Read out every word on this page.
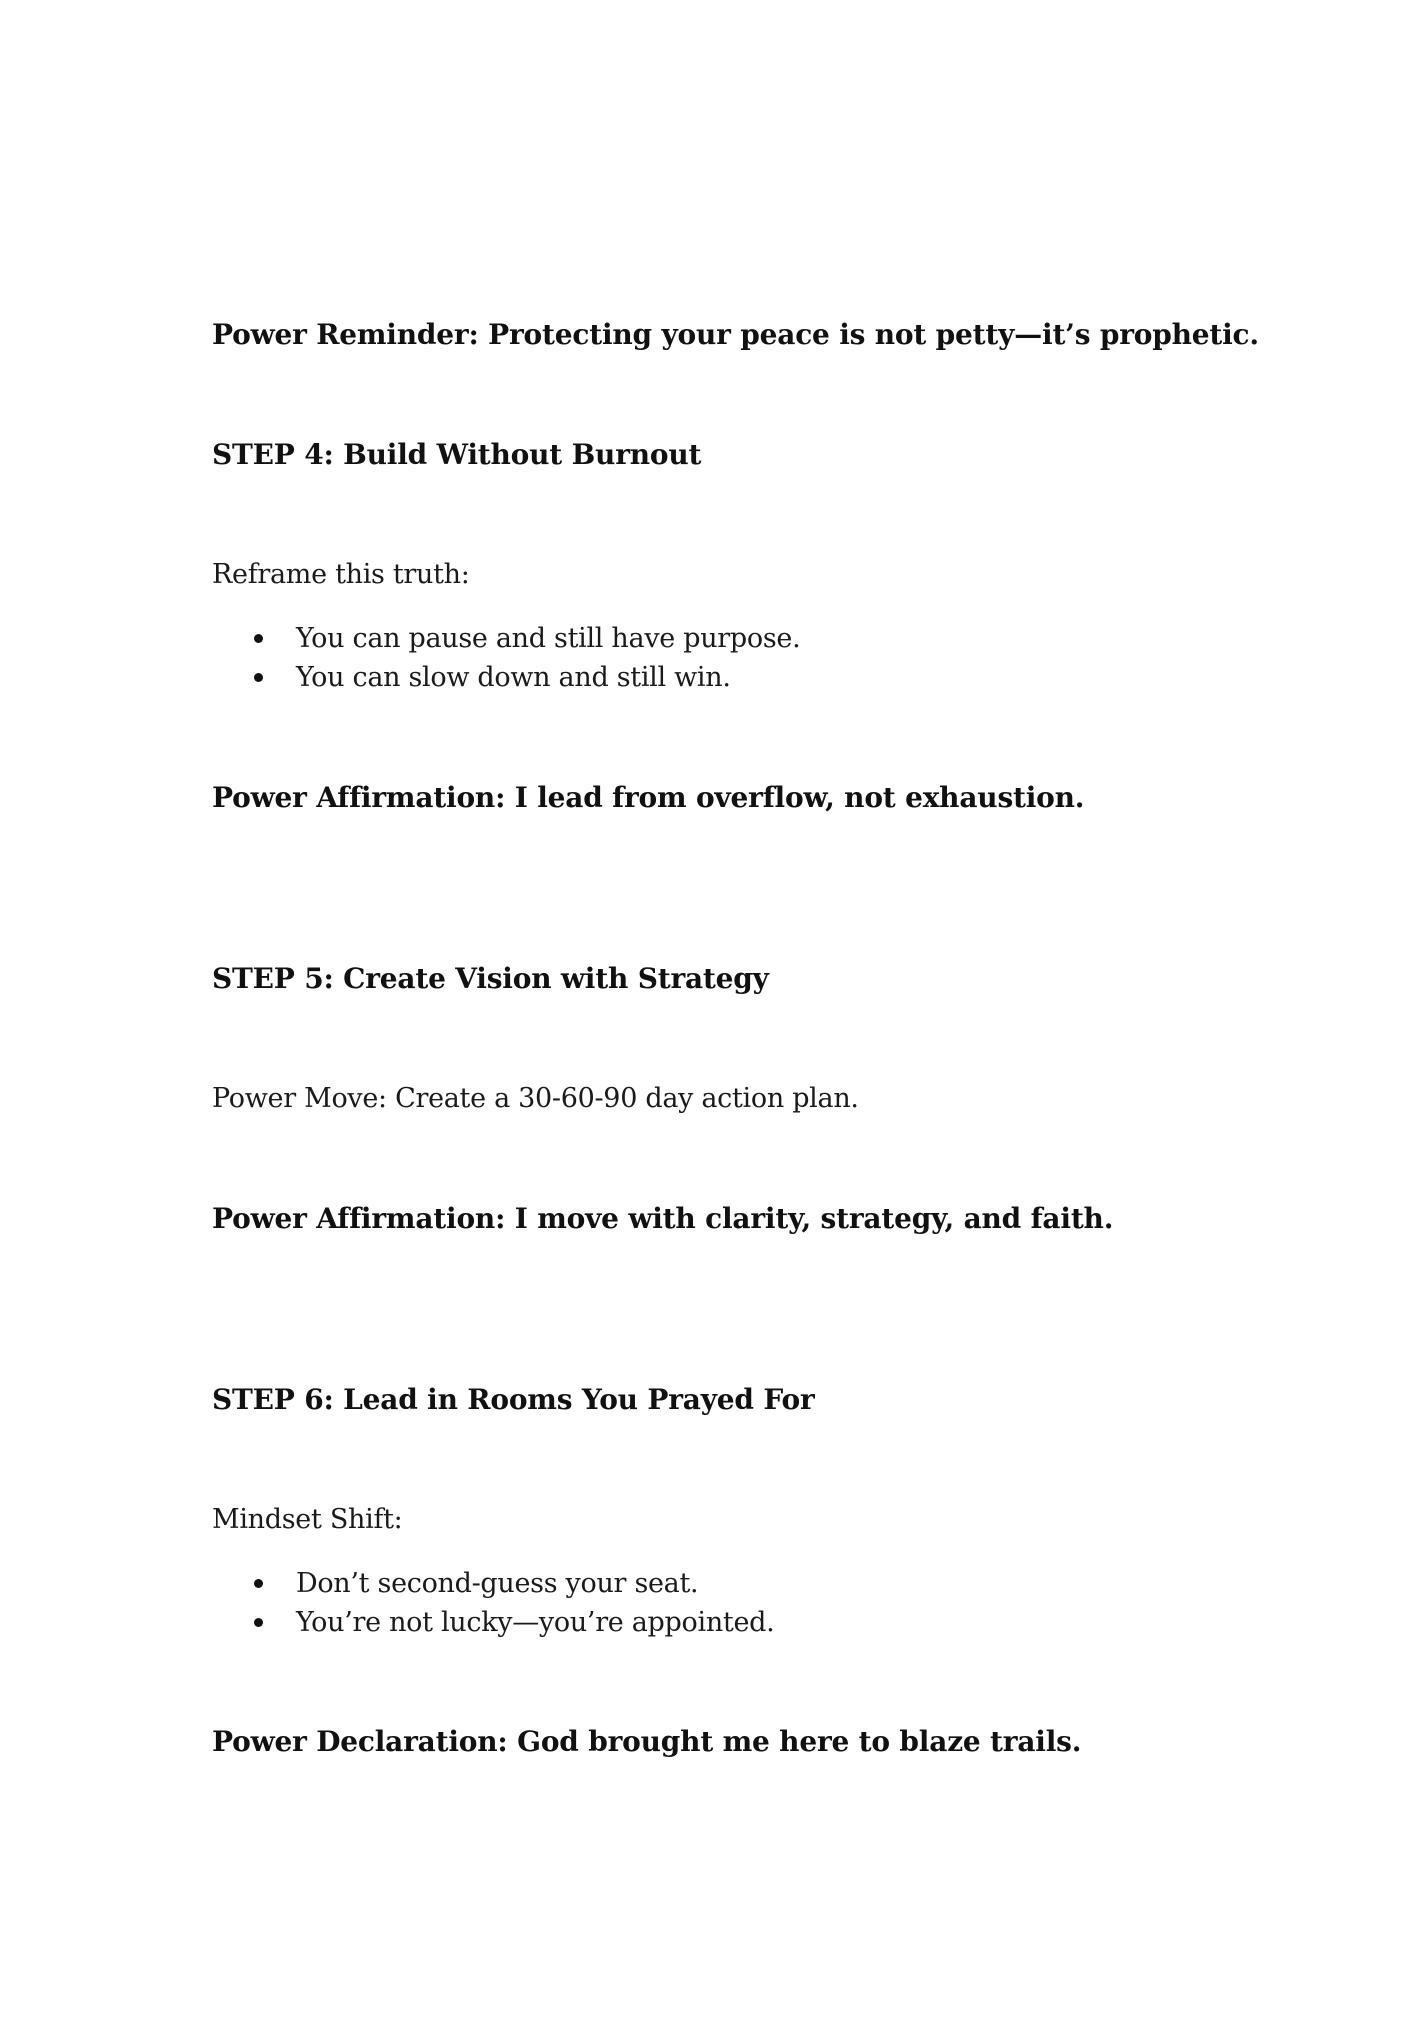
Power Reminder: Protecting your peace is not petty—it’s prophetic.

STEP 4: Build Without Burnout

Reframe this truth:

You can pause and still have purpose.
You can slow down and still win.

Power Affirmation: I lead from overflow, not exhaustion.

STEP 5: Create Vision with Strategy

Power Move: Create a 30-60-90 day action plan.

Power Affirmation: I move with clarity, strategy, and faith.

STEP 6: Lead in Rooms You Prayed For

Mindset Shift:

Don’t second-guess your seat.
You’re not lucky—you’re appointed.

Power Declaration: God brought me here to blaze trails.
